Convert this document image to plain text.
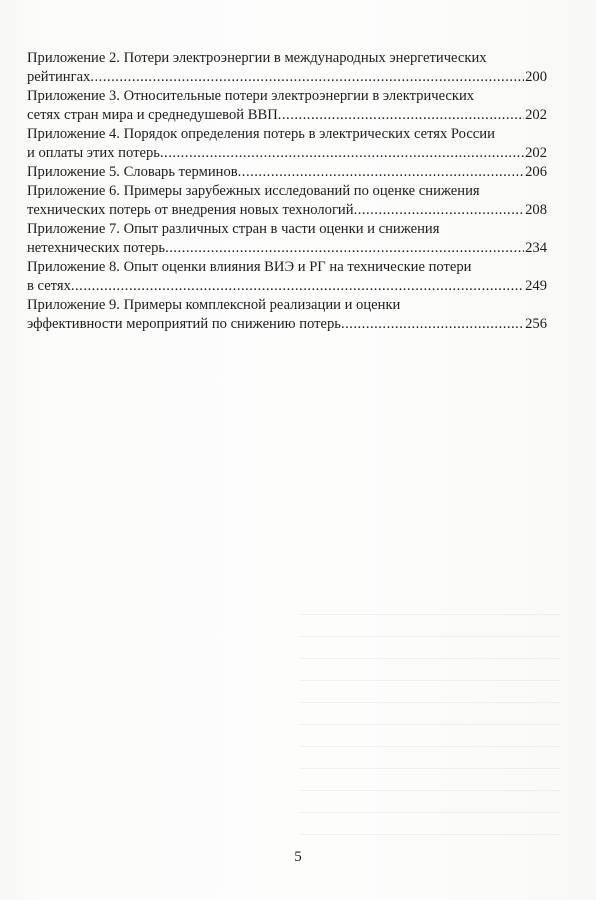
Приложение 2. Потери электроэнергии в международных энергетических
рейтингах .....	200
Приложение 3. Относительные потери электроэнергии в электрических
сетях стран мира и среднедушевой ВВП .....	202
Приложение 4. Порядок определения потерь в электрических сетях России
и оплаты этих потерь .....	202
Приложение 5. Словарь терминов .....	206
Приложение 6. Примеры зарубежных исследований по оценке снижения
технических потерь от внедрения новых технологий .....	208
Приложение 7. Опыт различных стран в части оценки и снижения
нетехнических потерь .....	234
Приложение 8. Опыт оценки влияния ВИЭ и РГ на технические потери
в сетях .....	249
Приложение 9. Примеры комплексной реализации и оценки
эффективности мероприятий по снижению потерь .....	256
5
